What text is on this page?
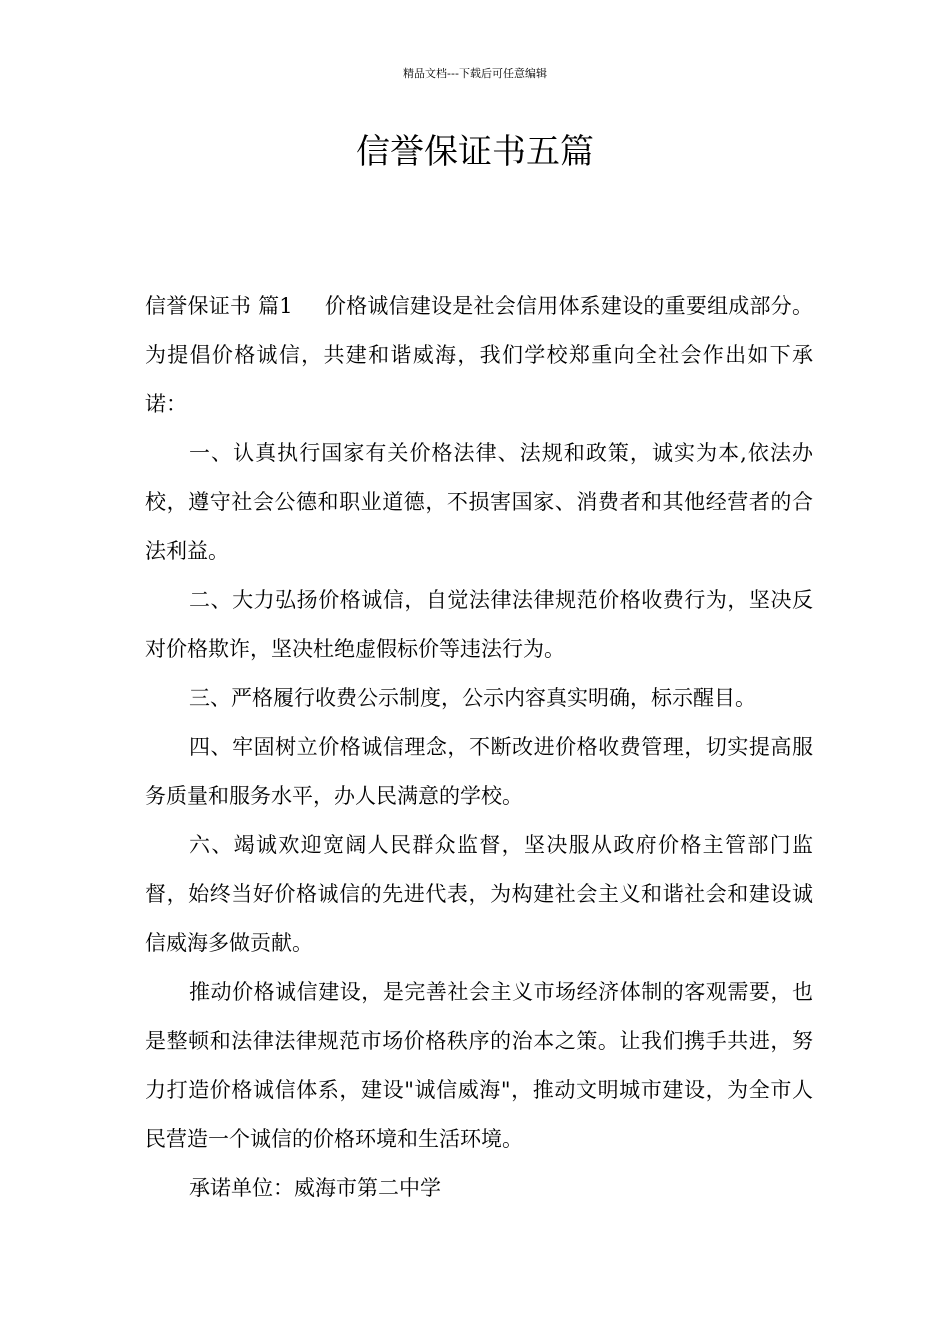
精品文档---下载后可任意编辑
信誉保证书五篇

信誉保证书 篇1 价格诚信建设是社会信用体系建设的重要组成部分。为提倡价格诚信，共建和谐威海，我们学校郑重向全社会作出如下承诺：

一、认真执行国家有关价格法律、法规和政策，诚实为本,依法办校，遵守社会公德和职业道德，不损害国家、消费者和其他经营者的合法利益。

二、大力弘扬价格诚信，自觉法律法律规范价格收费行为，坚决反对价格欺诈，坚决杜绝虚假标价等违法行为。

三、严格履行收费公示制度，公示内容真实明确，标示醒目。

四、牢固树立价格诚信理念，不断改进价格收费管理，切实提高服务质量和服务水平，办人民满意的学校。

六、竭诚欢迎宽阔人民群众监督，坚决服从政府价格主管部门监督，始终当好价格诚信的先进代表，为构建社会主义和谐社会和建设诚信威海多做贡献。

推动价格诚信建设，是完善社会主义市场经济体制的客观需要，也是整顿和法律法律规范市场价格秩序的治本之策。让我们携手共进，努力打造价格诚信体系，建设"诚信威海"，推动文明城市建设，为全市人民营造一个诚信的价格环境和生活环境。

承诺单位：威海市第二中学
